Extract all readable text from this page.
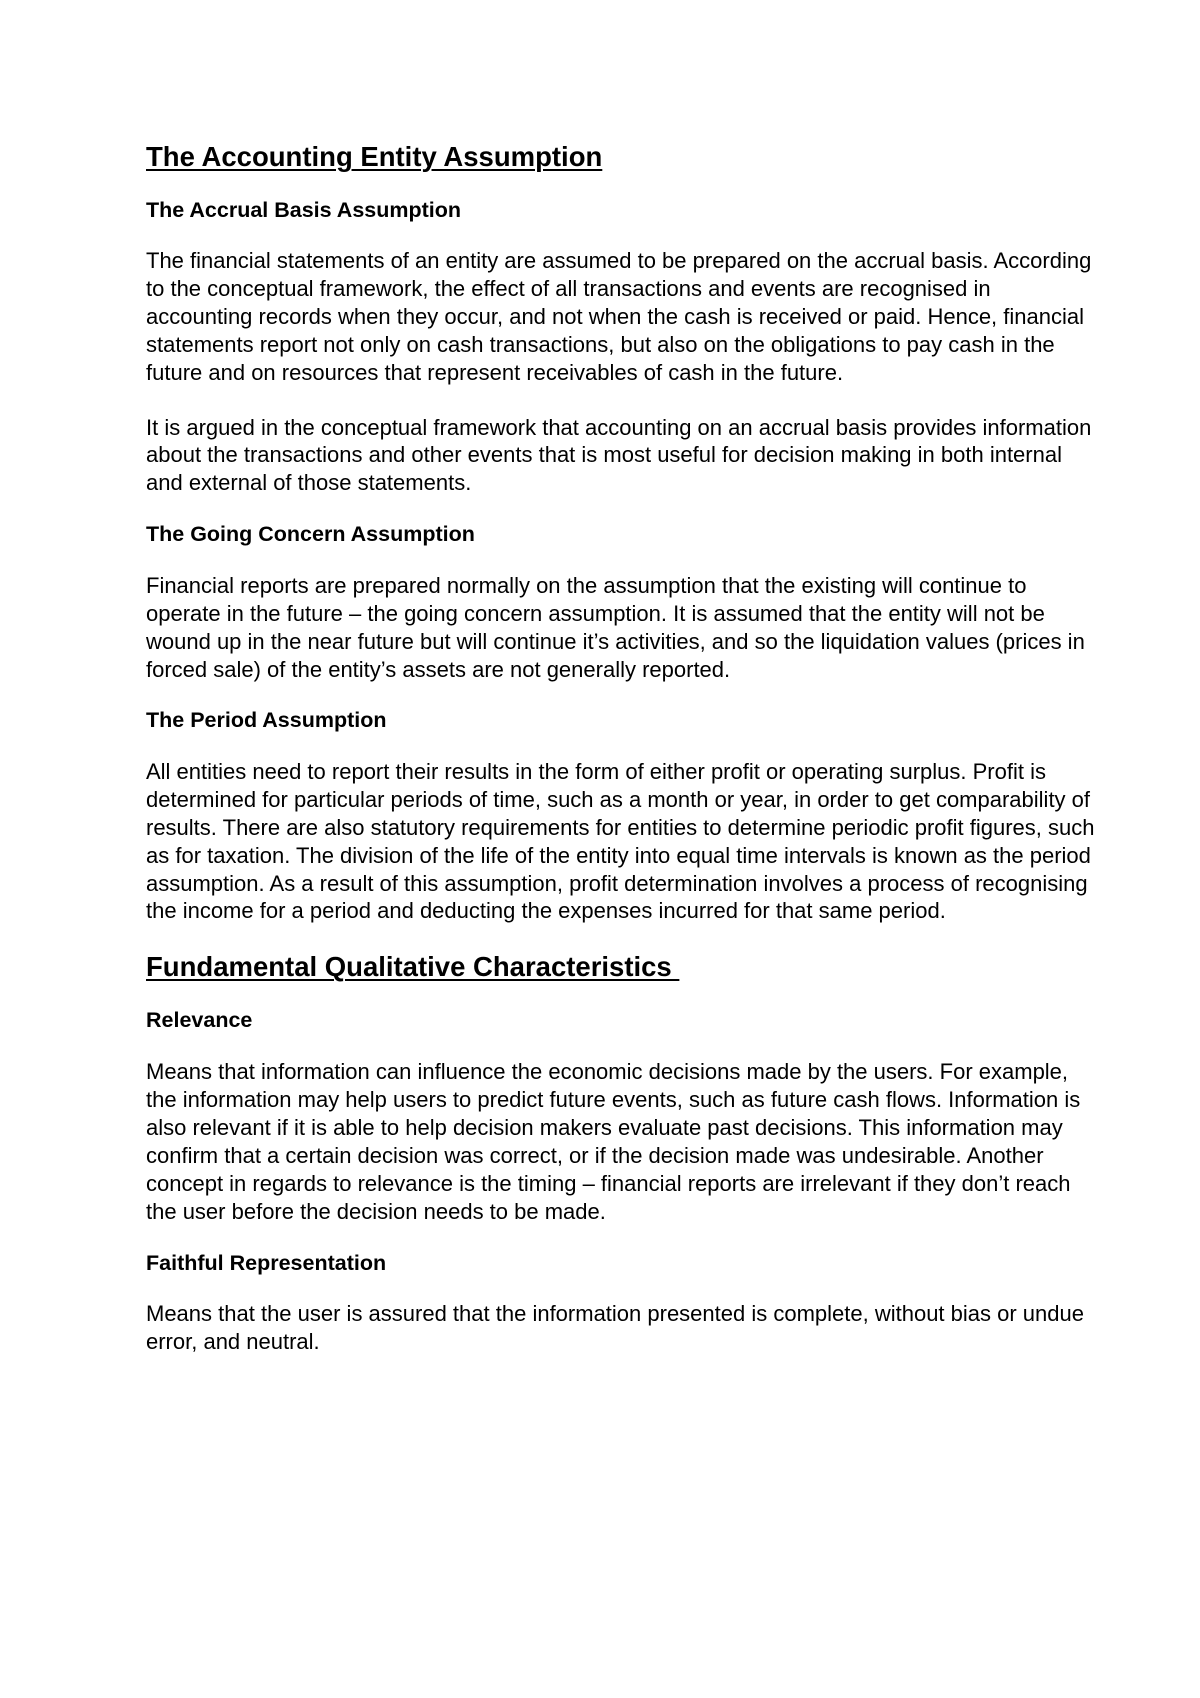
The Accounting Entity Assumption
The Accrual Basis Assumption

The financial statements of an entity are assumed to be prepared on the accrual basis. According to the conceptual framework, the effect of all transactions and events are recognised in accounting records when they occur, and not when the cash is received or paid. Hence, financial statements report not only on cash transactions, but also on the obligations to pay cash in the future and on resources that represent receivables of cash in the future.

It is argued in the conceptual framework that accounting on an accrual basis provides information about the transactions and other events that is most useful for decision making in both internal and external of those statements.

The Going Concern Assumption

Financial reports are prepared normally on the assumption that the existing will continue to operate in the future – the going concern assumption. It is assumed that the entity will not be wound up in the near future but will continue it’s activities, and so the liquidation values (prices in forced sale) of the entity’s assets are not generally reported.

The Period Assumption

All entities need to report their results in the form of either profit or operating surplus. Profit is determined for particular periods of time, such as a month or year, in order to get comparability of results. There are also statutory requirements for entities to determine periodic profit figures, such as for taxation. The division of the life of the entity into equal time intervals is known as the period assumption. As a result of this assumption, profit determination involves a process of recognising the income for a period and deducting the expenses incurred for that same period.

Fundamental Qualitative Characteristics
Relevance

Means that information can influence the economic decisions made by the users. For example, the information may help users to predict future events, such as future cash flows. Information is also relevant if it is able to help decision makers evaluate past decisions. This information may confirm that a certain decision was correct, or if the decision made was undesirable. Another concept in regards to relevance is the timing – financial reports are irrelevant if they don’t reach the user before the decision needs to be made.

Faithful Representation

Means that the user is assured that the information presented is complete, without bias or undue error, and neutral.
